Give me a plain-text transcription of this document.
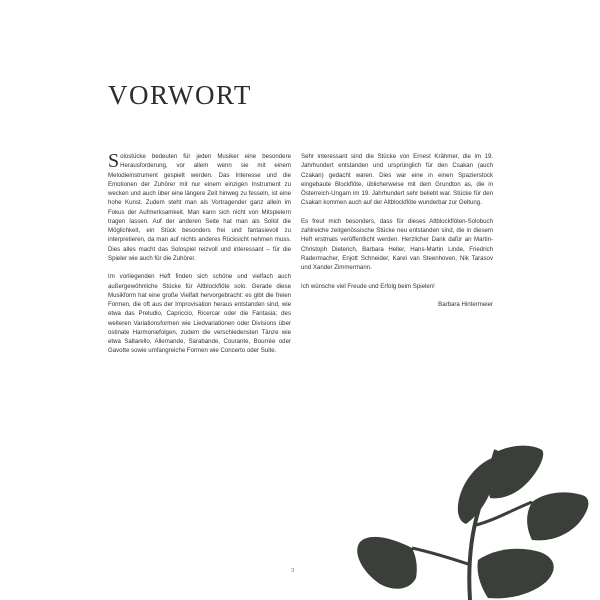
VORWORT

Solostücke bedeuten für jeden Musiker eine besondere Herausforderung, vor allem wenn sie mit einem Melodieinstrument gespielt werden. Das Interesse und die Emotionen der Zuhörer mit nur einem einzigen Instrument zu wecken und auch über eine längere Zeit hinweg zu fesseln, ist eine hohe Kunst. Zudem steht man als Vortragender ganz allein im Fokus der Aufmerksamkeit. Man kann sich nicht von Mitspielern tragen lassen. Auf der anderen Seite hat man als Solist die Möglichkeit, ein Stück besonders frei und fantasievoll zu interpretieren, da man auf nichts anderes Rücksicht nehmen muss. Dies alles macht das Solospiel reizvoll und interessant – für die Spieler wie auch für die Zuhörer.

Im vorliegenden Heft finden sich schöne und vielfach auch außergewöhnliche Stücke für Altblockflöte solo. Gerade diese Musikform hat eine große Vielfalt hervorgebracht: es gibt die freien Formen, die oft aus der Improvisation heraus entstanden sind, wie etwa das Preludio, Capriccio, Ricercar oder die Fantasia; des weiteren Variationsformen wie Liedvariationen oder Divisions über ostinate Harmoniefolgen, zudem die verschiedensten Tänze wie etwa Saltarello, Allemande, Sarabande, Courante, Bourrée oder Gavotte sowie umfangreiche Formen wie Concerto oder Suite.

Sehr interessant sind die Stücke von Ernest Krähmer, die im 19. Jahrhundert entstanden und ursprünglich für den Csakan (auch Czakan) gedacht waren. Dies war eine in einen Spazierstock eingebaute Blockflöte, üblicherweise mit dem Grundton as, die in Österreich-Ungarn im 19. Jahrhundert sehr beliebt war. Stücke für den Csakan kommen auch auf der Altblockflöte wunderbar zur Geltung.

Es freut mich besonders, dass für dieses Altblockflöten-Solobuch zahlreiche zeitgenössische Stücke neu entstanden sind, die in diesem Heft erstmals veröffentlicht werden. Herzlicher Dank dafür an Martin-Christoph Dieterich, Barbara Heller, Hans-Martin Linde, Friedrich Radermacher, Enjott Schneider, Karel van Steenhoven, Nik Tarasov und Xander Zimmermann.

Ich wünsche viel Freude und Erfolg beim Spielen!

Barbara Hintermeier

3
